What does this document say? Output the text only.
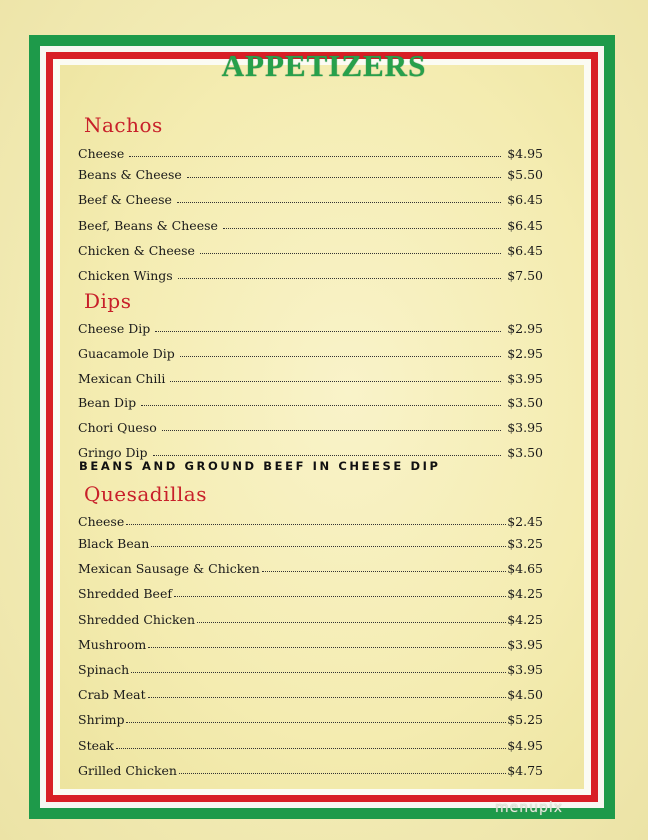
APPETIZERS
Nachos
Cheese	$4.95
Beans & Cheese	$5.50
Beef & Cheese	$6.45
Beef, Beans & Cheese	$6.45
Chicken & Cheese	$6.45
Chicken Wings	$7.50
Dips
Cheese Dip	$2.95
Guacamole Dip	$2.95
Mexican Chili	$3.95
Bean Dip	$3.50
Chori Queso	$3.95
Gringo Dip	$3.50
BEANS AND GROUND BEEF IN CHEESE DIP
Quesadillas
Cheese	$2.45
Black Bean	$3.25
Mexican Sausage & Chicken	$4.65
Shredded Beef	$4.25
Shredded Chicken	$4.25
Mushroom	$3.95
Spinach	$3.95
Crab Meat	$4.50
Shrimp	$5.25
Steak	$4.95
Grilled Chicken	$4.75
menupix
